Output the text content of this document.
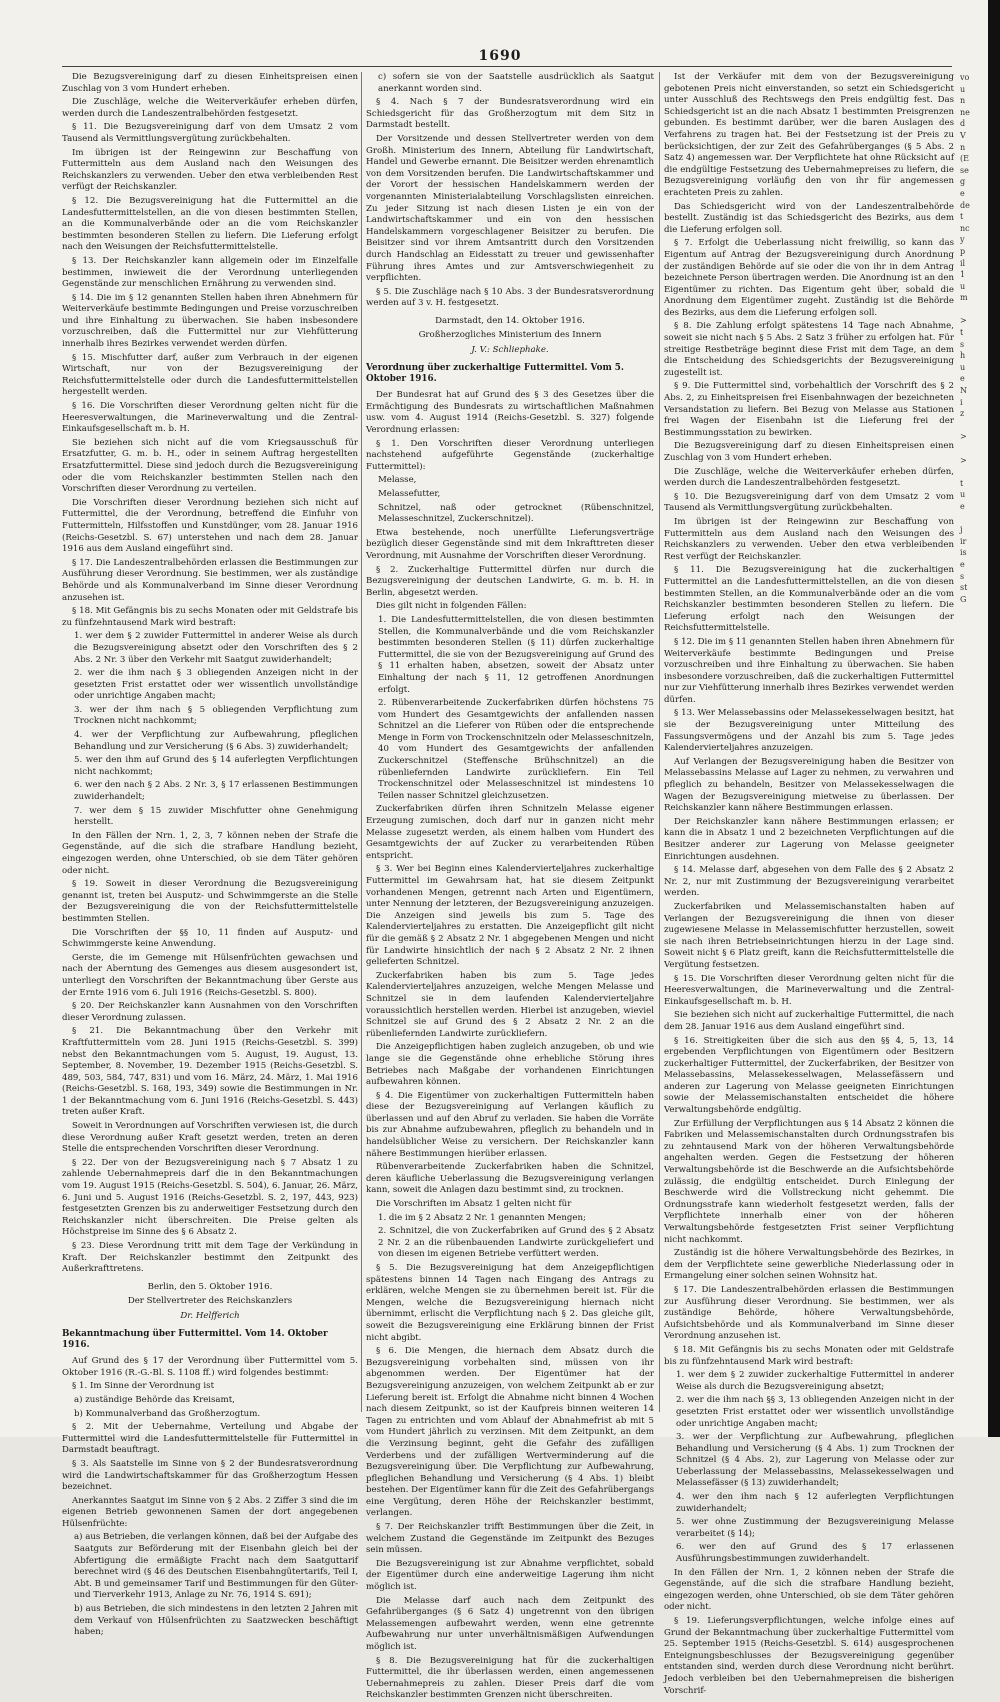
1690

Die Bezugsvereinigung darf zu diesen Einheitspreisen einen Zuschlag von 3 vom Hundert erheben.

Die Zuschläge, welche die Weiterverkäufer erheben dürfen, werden durch die Landeszentralbehörden festgesetzt.

§ 11. Die Bezugsvereinigung darf von dem Umsatz 2 vom Tausend als Vermittlungsvergütung zurückbehalten.

Im übrigen ist der Reingewinn zur Beschaffung von Futtermitteln aus dem Ausland nach den Weisungen des Reichskanzlers zu verwenden. Ueber den etwa verbleibenden Rest verfügt der Reichskanzler.

§ 12. Die Bezugsvereinigung hat die Futtermittel an die Landesfuttermittelstellen, an die von diesen bestimmten Stellen, an die Kommunalverbände oder an die vom Reichskanzler bestimmten besonderen Stellen zu liefern. Die Lieferung erfolgt nach den Weisungen der Reichsfuttermittelstelle.

§ 13. Der Reichskanzler kann allgemein oder im Einzelfalle bestimmen, inwieweit die der Verordnung unterliegenden Gegenstände zur menschlichen Ernährung zu verwenden sind.

§ 14. Die im § 12 genannten Stellen haben ihren Abnehmern für Weiterverkäufe bestimmte Bedingungen und Preise vorzuschreiben und ihre Einhaltung zu überwachen. Sie haben insbesondere vorzuschreiben, daß die Futtermittel nur zur Viehfütterung innerhalb ihres Bezirkes verwendet werden dürfen.

§ 15. Mischfutter darf, außer zum Verbrauch in der eigenen Wirtschaft, nur von der Bezugsvereinigung der Reichsfuttermittelstelle oder durch die Landesfuttermittelstellen hergestellt werden.

§ 16. Die Vorschriften dieser Verordnung gelten nicht für die Heeresverwaltungen, die Marineverwaltung und die Zentral-Einkaufsgesellschaft m. b. H.

Sie beziehen sich nicht auf die vom Kriegsausschuß für Ersatzfutter, G. m. b. H., oder in seinem Auftrag hergestellten Ersatzfuttermittel. Diese sind jedoch durch die Bezugsvereinigung oder die vom Reichskanzler bestimmten Stellen nach den Vorschriften dieser Verordnung zu verteilen.

Die Vorschriften dieser Verordnung beziehen sich nicht auf Futtermittel, die der Verordnung, betreffend die Einfuhr von Futtermitteln, Hilfsstoffen und Kunstdünger, vom 28. Januar 1916 (Reichs-Gesetzbl. S. 67) unterstehen und nach dem 28. Januar 1916 aus dem Ausland eingeführt sind.

§ 17. Die Landeszentralbehörden erlassen die Bestimmungen zur Ausführung dieser Verordnung. Sie bestimmen, wer als zuständige Behörde und als Kommunalverband im Sinne dieser Verordnung anzusehen ist.

§ 18. Mit Gefängnis bis zu sechs Monaten oder mit Geldstrafe bis zu fünfzehntausend Mark wird bestraft:

1. wer dem § 2 zuwider Futtermittel in anderer Weise als durch die Bezugsvereinigung absetzt oder den Vorschriften des § 2 Abs. 2 Nr. 3 über den Verkehr mit Saatgut zuwiderhandelt;

2. wer die ihm nach § 3 obliegenden Anzeigen nicht in der gesetzten Frist erstattet oder wer wissentlich unvollständige oder unrichtige Angaben macht;

3. wer der ihm nach § 5 obliegenden Verpflichtung zum Trocknen nicht nachkommt;

4. wer der Verpflichtung zur Aufbewahrung, pfleglichen Behandlung und zur Versicherung (§ 6 Abs. 3) zuwiderhandelt;

5. wer den ihm auf Grund des § 14 auferlegten Verpflichtungen nicht nachkommt;

6. wer den nach § 2 Abs. 2 Nr. 3, § 17 erlassenen Bestimmungen zuwiderhandelt;

7. wer dem § 15 zuwider Mischfutter ohne Genehmigung herstellt.

In den Fällen der Nrn. 1, 2, 3, 7 können neben der Strafe die Gegenstände, auf die sich die strafbare Handlung bezieht, eingezogen werden, ohne Unterschied, ob sie dem Täter gehören oder nicht.

§ 19. Soweit in dieser Verordnung die Bezugsvereinigung genannt ist, treten bei Ausputz- und Schwimmgerste an die Stelle der Bezugsvereinigung die von der Reichsfuttermittelstelle bestimmten Stellen.

Die Vorschriften der §§ 10, 11 finden auf Ausputz- und Schwimmgerste keine Anwendung.

Gerste, die im Gemenge mit Hülsenfrüchten gewachsen und nach der Aberntung des Gemenges aus diesem ausgesondert ist, unterliegt den Vorschriften der Bekanntmachung über Gerste aus der Ernte 1916 vom 6. Juli 1916 (Reichs-Gesetzbl. S. 800).

§ 20. Der Reichskanzler kann Ausnahmen von den Vorschriften dieser Verordnung zulassen.

§ 21. Die Bekanntmachung über den Verkehr mit Kraftfuttermitteln vom 28. Juni 1915 (Reichs-Gesetzbl. S. 399) nebst den Bekanntmachungen vom 5. August, 19. August, 13. September, 8. November, 19. Dezember 1915 (Reichs-Gesetzbl. S. 489, 503, 584, 747, 831) und vom 16. März, 24. März, 1. Mai 1916 (Reichs-Gesetzbl. S. 168, 193, 349) sowie die Bestimmungen in Nr. 1 der Bekanntmachung vom 6. Juni 1916 (Reichs-Gesetzbl. S. 443) treten außer Kraft.

Soweit in Verordnungen auf Vorschriften verwiesen ist, die durch diese Verordnung außer Kraft gesetzt werden, treten an deren Stelle die entsprechenden Vorschriften dieser Verordnung.

§ 22. Der von der Bezugsvereinigung nach § 7 Absatz 1 zu zahlende Uebernahmepreis darf die in den Bekanntmachungen vom 19. August 1915 (Reichs-Gesetzbl. S. 504), 6. Januar, 26. März, 6. Juni und 5. August 1916 (Reichs-Gesetzbl. S. 2, 197, 443, 923) festgesetzten Grenzen bis zu anderweitiger Festsetzung durch den Reichskanzler nicht überschreiten. Die Preise gelten als Höchstpreise im Sinne des § 6 Absatz 2.

§ 23. Diese Verordnung tritt mit dem Tage der Verkündung in Kraft. Der Reichskanzler bestimmt den Zeitpunkt des Außerkrafttretens.

Berlin, den 5. Oktober 1916.

Der Stellvertreter des Reichskanzlers

Dr. Helfferich

Bekanntmachung über Futtermittel. Vom 14. Oktober 1916.

Auf Grund des § 17 der Verordnung über Futtermittel vom 5. Oktober 1916 (R.-G.-Bl. S. 1108 ff.) wird folgendes bestimmt:

§ 1. Im Sinne der Verordnung ist

a) zuständige Behörde das Kreisamt,

b) Kommunalverband das Großherzogtum.

§ 2. Mit der Uebernahme, Verteilung und Abgabe der Futtermittel wird die Landesfuttermittelstelle für Futtermittel in Darmstadt beauftragt.

§ 3. Als Saatstelle im Sinne von § 2 der Bundesratsverordnung wird die Landwirtschaftskammer für das Großherzogtum Hessen bezeichnet.

Anerkanntes Saatgut im Sinne von § 2 Abs. 2 Ziffer 3 sind die im eigenen Betrieb gewonnenen Samen der dort angegebenen Hülsenfrüchte:

a) aus Betrieben, die verlangen können, daß bei der Aufgabe des Saatguts zur Beförderung mit der Eisenbahn gleich bei der Abfertigung die ermäßigte Fracht nach dem Saatguttarif berechnet wird (§ 46 des Deutschen Eisenbahngütertarifs, Teil I, Abt. B und gemeinsamer Tarif und Bestimmungen für den Güter- und Tierverkehr 1913, Anlage zu Nr. 76, 1914 S. 691);

b) aus Betrieben, die sich mindestens in den letzten 2 Jahren mit dem Verkauf von Hülsenfrüchten zu Saatzwecken beschäftigt haben;

c) sofern sie von der Saatstelle ausdrücklich als Saatgut anerkannt worden sind.

§ 4. Nach § 7 der Bundesratsverordnung wird ein Schiedsgericht für das Großherzogtum mit dem Sitz in Darmstadt bestellt.

Der Vorsitzende und dessen Stellvertreter werden von dem Großh. Ministerium des Innern, Abteilung für Landwirtschaft, Handel und Gewerbe ernannt. Die Beisitzer werden ehrenamtlich von dem Vorsitzenden berufen. Die Landwirtschaftskammer und der Vorort der hessischen Handelskammern werden der vorgenannten Ministerialabteilung Vorschlagslisten einreichen. Zu jeder Sitzung ist nach diesen Listen je ein von der Landwirtschaftskammer und ein von den hessischen Handelskammern vorgeschlagener Beisitzer zu berufen. Die Beisitzer sind vor ihrem Amtsantritt durch den Vorsitzenden durch Handschlag an Eidesstatt zu treuer und gewissenhafter Führung ihres Amtes und zur Amtsverschwiegenheit zu verpflichten.

§ 5. Die Zuschläge nach § 10 Abs. 3 der Bundesratsverordnung werden auf 3 v. H. festgesetzt.

Darmstadt, den 14. Oktober 1916.

Großherzogliches Ministerium des Innern

J. V.: Schliephake.

Verordnung über zuckerhaltige Futtermittel. Vom 5. Oktober 1916.

Der Bundesrat hat auf Grund des § 3 des Gesetzes über die Ermächtigung des Bundesrats zu wirtschaftlichen Maßnahmen usw. vom 4. August 1914 (Reichs-Gesetzbl. S. 327) folgende Verordnung erlassen:

§ 1. Den Vorschriften dieser Verordnung unterliegen nachstehend aufgeführte Gegenstände (zuckerhaltige Futtermittel):

Melasse,

Melassefutter,

Schnitzel, naß oder getrocknet (Rübenschnitzel, Melasseschnitzel, Zuckerschnitzel).

Etwa bestehende, noch unerfüllte Lieferungsverträge bezüglich dieser Gegenstände sind mit dem Inkrafttreten dieser Verordnung, mit Ausnahme der Vorschriften dieser Verordnung.

§ 2. Zuckerhaltige Futtermittel dürfen nur durch die Bezugsvereinigung der deutschen Landwirte, G. m. b. H. in Berlin, abgesetzt werden.

Dies gilt nicht in folgenden Fällen:

1. Die Landesfuttermittelstellen, die von diesen bestimmten Stellen, die Kommunalverbände und die vom Reichskanzler bestimmten besonderen Stellen (§ 11) dürfen zuckerhaltige Futtermittel, die sie von der Bezugsvereinigung auf Grund des § 11 erhalten haben, absetzen, soweit der Absatz unter Einhaltung der nach § 11, 12 getroffenen Anordnungen erfolgt.

2. Rübenverarbeitende Zuckerfabriken dürfen höchstens 75 vom Hundert des Gesamtgewichts der anfallenden nassen Schnitzel an die Lieferer von Rüben oder die entsprechende Menge in Form von Trockenschnitzeln oder Melasseschnitzeln, 40 vom Hundert des Gesamtgewichts der anfallenden Zuckerschnitzel (Steffensche Brühschnitzel) an die rübenliefernden Landwirte zurückliefern. Ein Teil Trockenschnitzel oder Melasseschnitzel ist mindestens 10 Teilen nasser Schnitzel gleichzusetzen.

Zuckerfabriken dürfen ihren Schnitzeln Melasse eigener Erzeugung zumischen, doch darf nur in ganzen nicht mehr Melasse zugesetzt werden, als einem halben vom Hundert des Gesamtgewichts der auf Zucker zu verarbeitenden Rüben entspricht.

§ 3. Wer bei Beginn eines Kalendervierteljahres zuckerhaltige Futtermittel im Gewahrsam hat, hat sie diesem Zeitpunkt vorhandenen Mengen, getrennt nach Arten und Eigentümern, unter Nennung der letzteren, der Bezugsvereinigung anzuzeigen. Die Anzeigen sind jeweils bis zum 5. Tage des Kalendervierteljahres zu erstatten. Die Anzeigepflicht gilt nicht für die gemäß § 2 Absatz 2 Nr. 1 abgegebenen Mengen und nicht für Landwirte hinsichtlich der nach § 2 Absatz 2 Nr. 2 ihnen gelieferten Schnitzel.

Zuckerfabriken haben bis zum 5. Tage jedes Kalendervierteljahres anzuzeigen, welche Mengen Melasse und Schnitzel sie in dem laufenden Kalendervierteljahre voraussichtlich herstellen werden. Hierbei ist anzugeben, wieviel Schnitzel sie auf Grund des § 2 Absatz 2 Nr. 2 an die rübenliefernden Landwirte zurückliefern.

Die Anzeigepflichtigen haben zugleich anzugeben, ob und wie lange sie die Gegenstände ohne erhebliche Störung ihres Betriebes nach Maßgabe der vorhandenen Einrichtungen aufbewahren können.

§ 4. Die Eigentümer von zuckerhaltigen Futtermitteln haben diese der Bezugsvereinigung auf Verlangen käuflich zu überlassen und auf den Abruf zu verladen. Sie haben die Vorräte bis zur Abnahme aufzubewahren, pfleglich zu behandeln und in handelsüblicher Weise zu versichern. Der Reichskanzler kann nähere Bestimmungen hierüber erlassen.

Rübenverarbeitende Zuckerfabriken haben die Schnitzel, deren käufliche Ueberlassung die Bezugsvereinigung verlangen kann, soweit die Anlagen dazu bestimmt sind, zu trocknen.

Die Vorschriften im Absatz 1 gelten nicht für

1. die im § 2 Absatz 2 Nr. 1 genannten Mengen;

2. Schnitzel, die von Zuckerfabriken auf Grund des § 2 Absatz 2 Nr. 2 an die rübenbauenden Landwirte zurückgeliefert und von diesen im eigenen Betriebe verfüttert werden.

§ 5. Die Bezugsvereinigung hat dem Anzeigepflichtigen spätestens binnen 14 Tagen nach Eingang des Antrags zu erklären, welche Mengen sie zu übernehmen bereit ist. Für die Mengen, welche die Bezugsvereinigung hiernach nicht übernimmt, erlischt die Verpflichtung nach § 2. Das gleiche gilt, soweit die Bezugsvereinigung eine Erklärung binnen der Frist nicht abgibt.

§ 6. Die Mengen, die hiernach dem Absatz durch die Bezugsvereinigung vorbehalten sind, müssen von ihr abgenommen werden. Der Eigentümer hat der Bezugsvereinigung anzuzeigen, von welchem Zeitpunkt ab er zur Lieferung bereit ist. Erfolgt die Abnahme nicht binnen 4 Wochen nach diesem Zeitpunkt, so ist der Kaufpreis binnen weiteren 14 Tagen zu entrichten und vom Ablauf der Abnahmefrist ab mit 5 vom Hundert jährlich zu verzinsen. Mit dem Zeitpunkt, an dem die Verzinsung beginnt, geht die Gefahr des zufälligen Verderbens und der zufälligen Wertverminderung auf die Bezugsvereinigung über. Die Verpflichtung zur Aufbewahrung, pfleglichen Behandlung und Versicherung (§ 4 Abs. 1) bleibt bestehen. Der Eigentümer kann für die Zeit des Gefahrübergangs eine Vergütung, deren Höhe der Reichskanzler bestimmt, verlangen.

§ 7. Der Reichskanzler trifft Bestimmungen über die Zeit, in welchem Zustand die Gegenstände im Zeitpunkt des Bezuges sein müssen.

Die Bezugsvereinigung ist zur Abnahme verpflichtet, sobald der Eigentümer durch eine anderweitige Lagerung ihm nicht möglich ist.

Die Melasse darf auch nach dem Zeitpunkt des Gefahrüberganges (§ 6 Satz 4) ungetrennt von den übrigen Melassemengen aufbewahrt werden, wenn eine getrennte Aufbewahrung nur unter unverhältnismäßigen Aufwendungen möglich ist.

§ 8. Die Bezugsvereinigung hat für die zuckerhaltigen Futtermittel, die ihr überlassen werden, einen angemessenen Uebernahmepreis zu zahlen. Dieser Preis darf die vom Reichskanzler bestimmten Grenzen nicht überschreiten.

Ist der Verkäufer mit dem von der Bezugsvereinigung gebotenen Preis nicht einverstanden, so setzt ein Schiedsgericht unter Ausschluß des Rechtswegs den Preis endgültig fest. Das Schiedsgericht ist an die nach Absatz 1 bestimmten Preisgrenzen gebunden. Es bestimmt darüber, wer die baren Auslagen des Verfahrens zu tragen hat. Bei der Festsetzung ist der Preis zu berücksichtigen, der zur Zeit des Gefahrüberganges (§ 5 Abs. 2 Satz 4) angemessen war. Der Verpflichtete hat ohne Rücksicht auf die endgültige Festsetzung des Uebernahmepreises zu liefern, die Bezugsvereinigung vorläufig den von ihr für angemessen erachteten Preis zu zahlen.

Das Schiedsgericht wird von der Landeszentralbehörde bestellt. Zuständig ist das Schiedsgericht des Bezirks, aus dem die Lieferung erfolgen soll.

§ 7. Erfolgt die Ueberlassung nicht freiwillig, so kann das Eigentum auf Antrag der Bezugsvereinigung durch Anordnung der zuständigen Behörde auf sie oder die von ihr in dem Antrag bezeichnete Person übertragen werden. Die Anordnung ist an den Eigentümer zu richten. Das Eigentum geht über, sobald die Anordnung dem Eigentümer zugeht. Zuständig ist die Behörde des Bezirks, aus dem die Lieferung erfolgen soll.

§ 8. Die Zahlung erfolgt spätestens 14 Tage nach Abnahme, soweit sie nicht nach § 5 Abs. 2 Satz 3 früher zu erfolgen hat. Für streitige Restbeträge beginnt diese Frist mit dem Tage, an dem die Entscheidung des Schiedsgerichts der Bezugsvereinigung zugestellt ist.

§ 9. Die Futtermittel sind, vorbehaltlich der Vorschrift des § 2 Abs. 2, zu Einheitspreisen frei Eisenbahnwagen der bezeichneten Versandstation zu liefern. Bei Bezug von Melasse aus Stationen frei Wagen der Eisenbahn ist die Lieferung frei der Bestimmungsstation zu bewirken.

Die Bezugsvereinigung darf zu diesen Einheitspreisen einen Zuschlag von 3 vom Hundert erheben.

Die Zuschläge, welche die Weiterverkäufer erheben dürfen, werden durch die Landeszentralbehörden festgesetzt.

§ 10. Die Bezugsvereinigung darf von dem Umsatz 2 vom Tausend als Vermittlungsvergütung zurückbehalten.

Im übrigen ist der Reingewinn zur Beschaffung von Futtermitteln aus dem Ausland nach den Weisungen des Reichskanzlers zu verwenden. Ueber den etwa verbleibenden Rest verfügt der Reichskanzler.

§ 11. Die Bezugsvereinigung hat die zuckerhaltigen Futtermittel an die Landesfuttermittelstellen, an die von diesen bestimmten Stellen, an die Kommunalverbände oder an die vom Reichskanzler bestimmten besonderen Stellen zu liefern. Die Lieferung erfolgt nach den Weisungen der Reichsfuttermittelstelle.

§ 12. Die im § 11 genannten Stellen haben ihren Abnehmern für Weiterverkäufe bestimmte Bedingungen und Preise vorzuschreiben und ihre Einhaltung zu überwachen. Sie haben insbesondere vorzuschreiben, daß die zuckerhaltigen Futtermittel nur zur Viehfütterung innerhalb ihres Bezirkes verwendet werden dürfen.

§ 13. Wer Melassebassins oder Melassekesselwagen besitzt, hat sie der Bezugsvereinigung unter Mitteilung des Fassungsvermögens und der Anzahl bis zum 5. Tage jedes Kalendervierteljahres anzuzeigen.

Auf Verlangen der Bezugsvereinigung haben die Besitzer von Melassebassins Melasse auf Lager zu nehmen, zu verwahren und pfleglich zu behandeln, Besitzer von Melassekesselwagen die Wagen der Bezugsvereinigung mietweise zu überlassen. Der Reichskanzler kann nähere Bestimmungen erlassen.

Der Reichskanzler kann nähere Bestimmungen erlassen; er kann die in Absatz 1 und 2 bezeichneten Verpflichtungen auf die Besitzer anderer zur Lagerung von Melasse geeigneter Einrichtungen ausdehnen.

§ 14. Melasse darf, abgesehen von dem Falle des § 2 Absatz 2 Nr. 2, nur mit Zustimmung der Bezugsvereinigung verarbeitet werden.

Zuckerfabriken und Melassemischanstalten haben auf Verlangen der Bezugsvereinigung die ihnen von dieser zugewiesene Melasse in Melassemischfutter herzustellen, soweit sie nach ihren Betriebseinrichtungen hierzu in der Lage sind. Soweit nicht § 6 Platz greift, kann die Reichsfuttermittelstelle die Vergütung festsetzen.

§ 15. Die Vorschriften dieser Verordnung gelten nicht für die Heeresverwaltungen, die Marineverwaltung und die Zentral-Einkaufsgesellschaft m. b. H.

Sie beziehen sich nicht auf zuckerhaltige Futtermittel, die nach dem 28. Januar 1916 aus dem Ausland eingeführt sind.

§ 16. Streitigkeiten über die sich aus den §§ 4, 5, 13, 14 ergebenden Verpflichtungen von Eigentümern oder Besitzern zuckerhaltiger Futtermittel, der Zuckerfabriken, der Besitzer von Melassebassins, Melassekesselwagen, Melassefässern und anderen zur Lagerung von Melasse geeigneten Einrichtungen sowie der Melassemischanstalten entscheidet die höhere Verwaltungsbehörde endgültig.

Zur Erfüllung der Verpflichtungen aus § 14 Absatz 2 können die Fabriken und Melassemischanstalten durch Ordnungsstrafen bis zu zehntausend Mark von der höheren Verwaltungsbehörde angehalten werden. Gegen die Festsetzung der höheren Verwaltungsbehörde ist die Beschwerde an die Aufsichtsbehörde zulässig, die endgültig entscheidet. Durch Einlegung der Beschwerde wird die Vollstreckung nicht gehemmt. Die Ordnungsstrafe kann wiederholt festgesetzt werden, falls der Verpflichtete innerhalb einer von der höheren Verwaltungsbehörde festgesetzten Frist seiner Verpflichtung nicht nachkommt.

Zuständig ist die höhere Verwaltungsbehörde des Bezirkes, in dem der Verpflichtete seine gewerbliche Niederlassung oder in Ermangelung einer solchen seinen Wohnsitz hat.

§ 17. Die Landeszentralbehörden erlassen die Bestimmungen zur Ausführung dieser Verordnung. Sie bestimmen, wer als zuständige Behörde, höhere Verwaltungsbehörde, Aufsichtsbehörde und als Kommunalverband im Sinne dieser Verordnung anzusehen ist.

§ 18. Mit Gefängnis bis zu sechs Monaten oder mit Geldstrafe bis zu fünfzehntausend Mark wird bestraft:

1. wer dem § 2 zuwider zuckerhaltige Futtermittel in anderer Weise als durch die Bezugsvereinigung absetzt;

2. wer die ihm nach §§ 3, 13 obliegenden Anzeigen nicht in der gesetzten Frist erstattet oder wer wissentlich unvollständige oder unrichtige Angaben macht;

3. wer der Verpflichtung zur Aufbewahrung, pfleglichen Behandlung und Versicherung (§ 4 Abs. 1) zum Trocknen der Schnitzel (§ 4 Abs. 2), zur Lagerung von Melasse oder zur Ueberlassung der Melassebassins, Melassekesselwagen und Melassefässer (§ 13) zuwiderhandelt;

4. wer den ihm nach § 12 auferlegten Verpflichtungen zuwiderhandelt;

5. wer ohne Zustimmung der Bezugsvereinigung Melasse verarbeitet (§ 14);

6. wer den auf Grund des § 17 erlassenen Ausführungsbestimmungen zuwiderhandelt.

In den Fällen der Nrn. 1, 2 können neben der Strafe die Gegenstände, auf die sich die strafbare Handlung bezieht, eingezogen werden, ohne Unterschied, ob sie dem Täter gehören oder nicht.

§ 19. Lieferungsverpflichtungen, welche infolge eines auf Grund der Bekanntmachung über zuckerhaltige Futtermittel vom 25. September 1915 (Reichs-Gesetzbl. S. 614) ausgesprochenen Enteignungsbeschlusses der Bezugsvereinigung gegenüber entstanden sind, werden durch diese Verordnung nicht berührt. Jedoch verbleiben bei den Uebernahmepreisen die bisherigen Vorschrif-

vo
u
n
ne
d
V
n
(E
se
g
e
de
t
nc
y
p
il
1
u
m
>
t
s
h
u
e
N
i
z
>
>
t
u
e
j
ir
is
e
s
st
G
